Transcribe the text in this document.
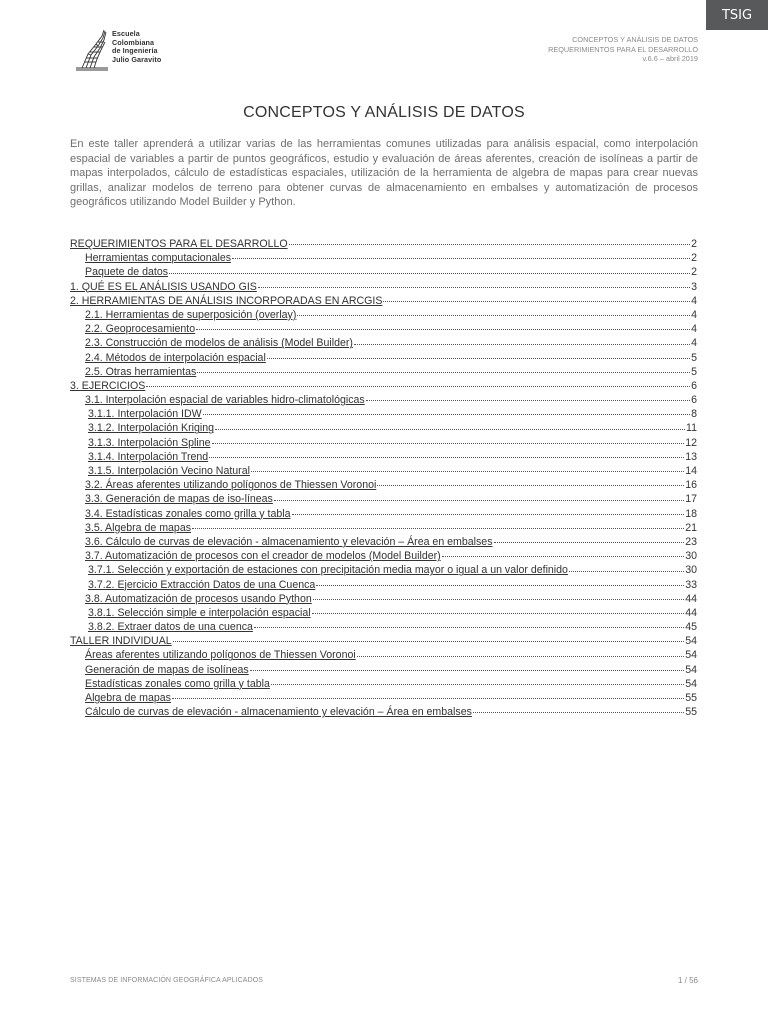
TSIG
Escuela
Colombiana
de Ingeniería
Julio Garavito
CONCEPTOS Y ANÁLISIS DE DATOS
REQUERIMIENTOS PARA EL DESARROLLO
v.6.6 – abril 2019
CONCEPTOS Y ANÁLISIS DE DATOS
En este taller aprenderá a utilizar varias de las herramientas comunes utilizadas para análisis espacial, como interpolación espacial de variables a partir de puntos geográficos, estudio y evaluación de áreas aferentes, creación de isolíneas a partir de mapas interpolados, cálculo de estadísticas espaciales, utilización de la herramienta de algebra de mapas para crear nuevas grillas, analizar modelos de terreno para obtener curvas de almacenamiento en embalses y automatización de procesos geográficos utilizando Model Builder y Python.
REQUERIMIENTOS PARA EL DESARROLLO	2
Herramientas computacionales	2
Paquete de datos	2
1. QUÉ ES EL ANÁLISIS USANDO GIS	3
2. HERRAMIENTAS DE ANÁLISIS INCORPORADAS EN ARCGIS	4
2.1. Herramientas de superposición (overlay)	4
2.2. Geoprocesamiento	4
2.3. Construcción de modelos de análisis (Model Builder)	4
2.4. Métodos de interpolación espacial	5
2.5. Otras herramientas	5
3. EJERCICIOS	6
3.1. Interpolación espacial de variables hidro-climatológicas	6
3.1.1. Interpolación IDW	8
3.1.2. Interpolación Kriging	11
3.1.3. Interpolación Spline	12
3.1.4. Interpolación Trend	13
3.1.5. Interpolación Vecino Natural	14
3.2. Áreas aferentes utilizando polígonos de Thiessen Voronoi	16
3.3. Generación de mapas de iso-líneas	17
3.4. Estadísticas zonales como grilla y tabla	18
3.5. Algebra de mapas	21
3.6. Cálculo de curvas de elevación - almacenamiento y elevación – Área en embalses	23
3.7. Automatización de procesos con el creador de modelos (Model Builder)	30
3.7.1. Selección y exportación de estaciones con precipitación media mayor o igual a un valor definido	30
3.7.2. Ejercicio Extracción Datos de una Cuenca	33
3.8. Automatización de procesos usando Python	44
3.8.1. Selección simple e interpolación espacial	44
3.8.2. Extraer datos de una cuenca	45
TALLER INDIVIDUAL	54
Áreas aferentes utilizando polígonos de Thiessen Voronoi	54
Generación de mapas de isolíneas	54
Estadísticas zonales como grilla y tabla	54
Algebra de mapas	55
Cálculo de curvas de elevación - almacenamiento y elevación – Área en embalses	55
SISTEMAS DE INFORMACIÓN GEOGRÁFICA APLICADOS	1 / 56
